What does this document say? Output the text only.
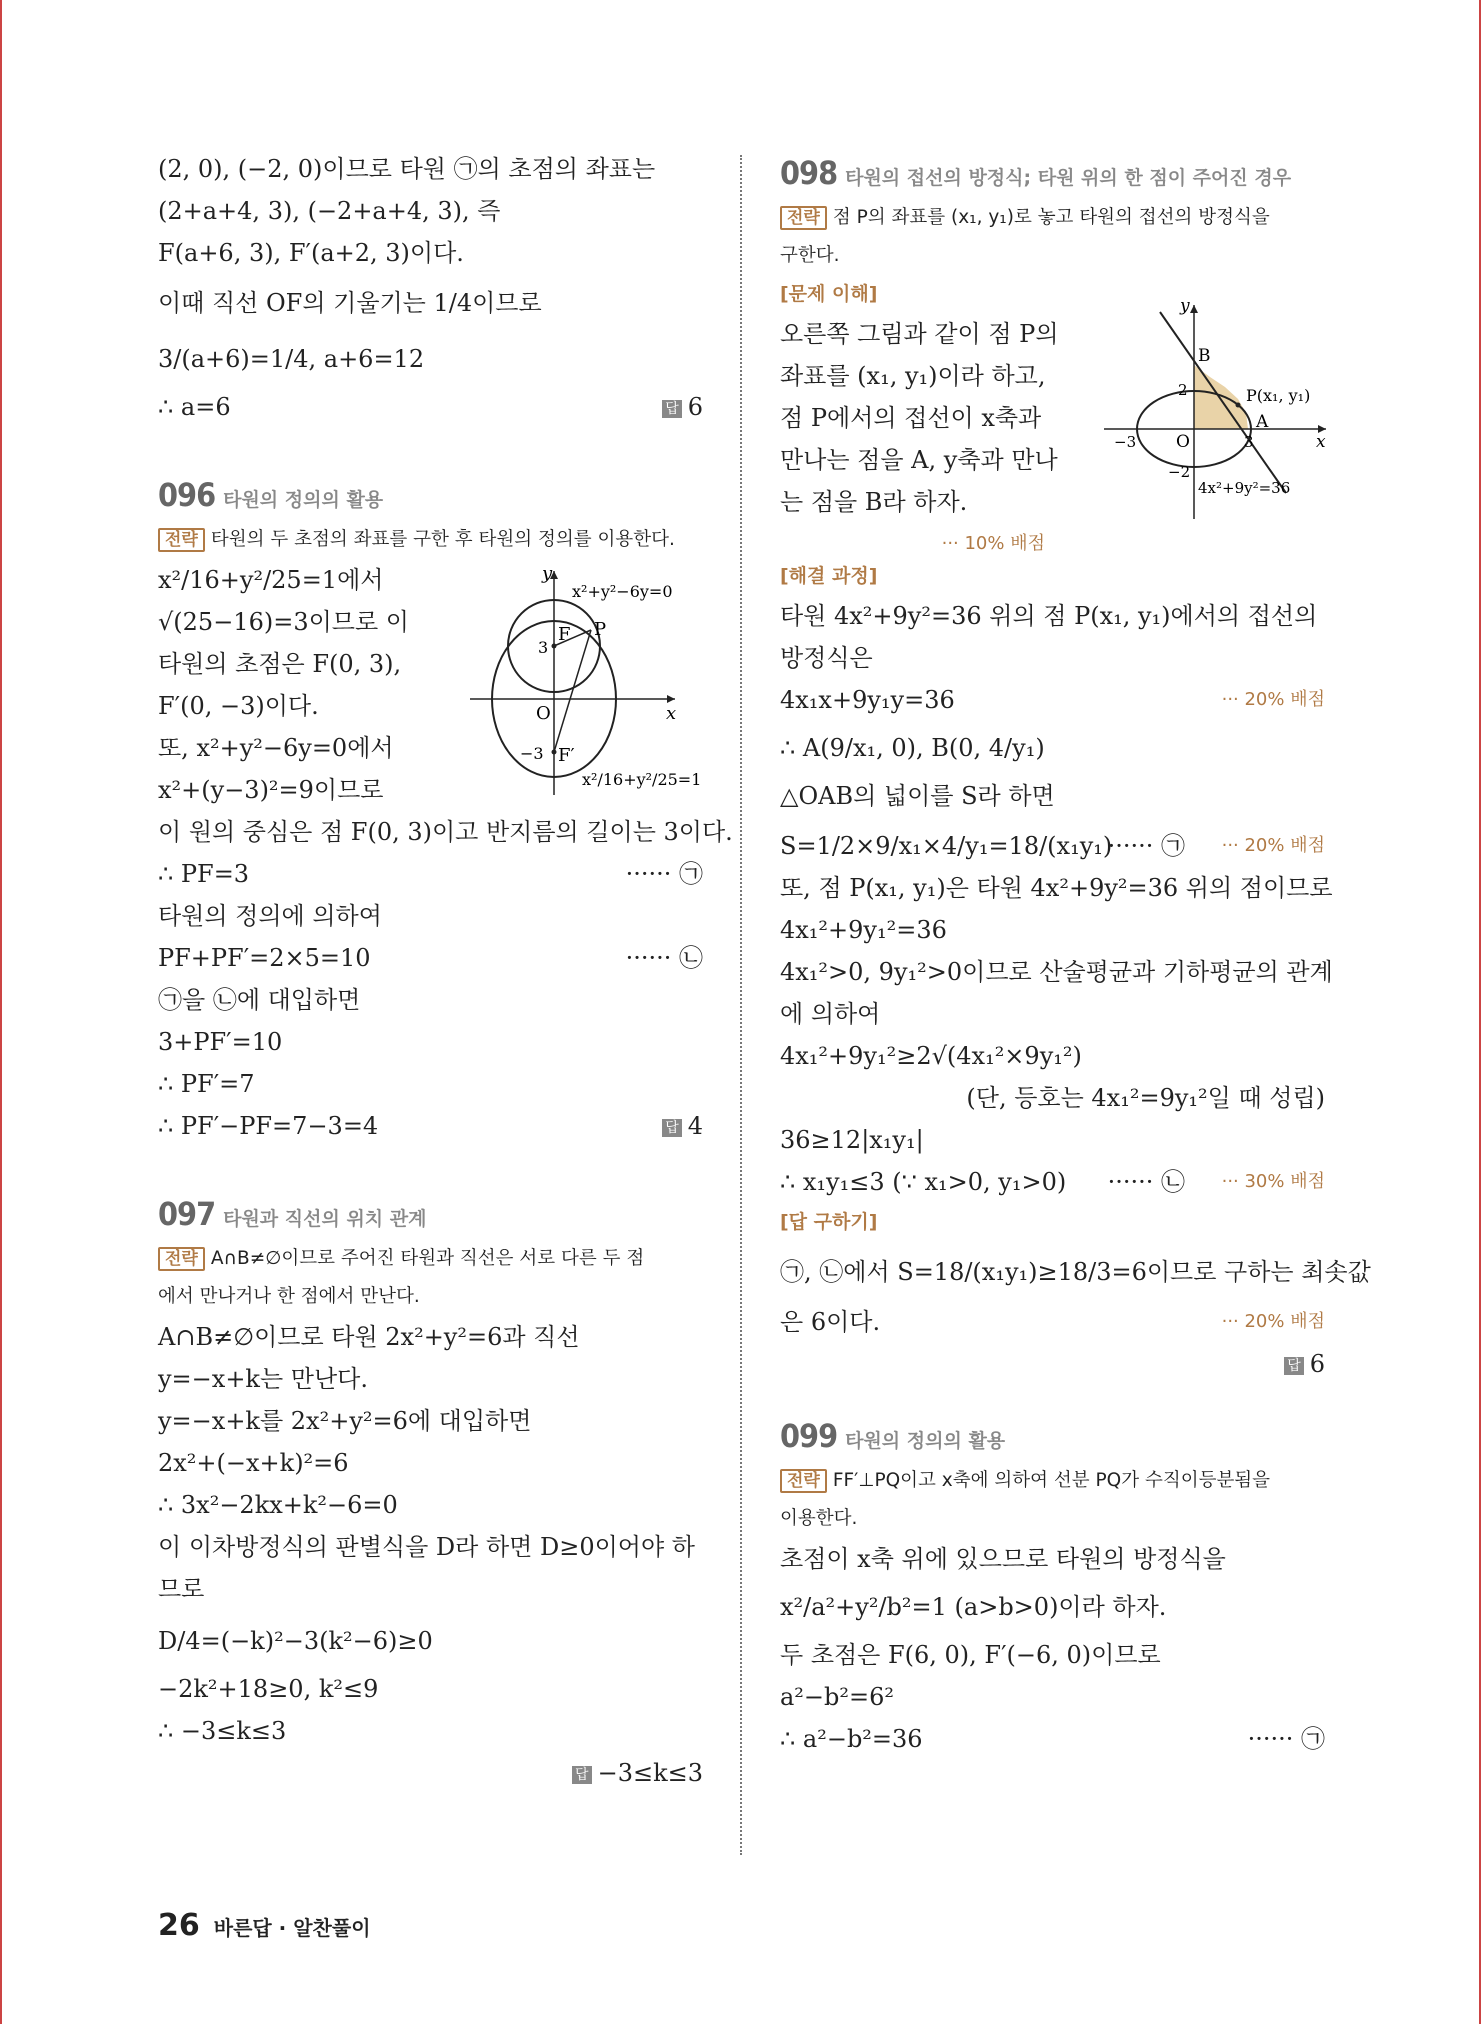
(2, 0), (−2, 0)이므로 타원 ㉠의 초점의 좌표는
(2+a+4, 3), (−2+a+4, 3), 즉
F(a+6, 3), F′(a+2, 3)이다.
이때 직선 OF의 기울기는 1/4이므로
3/(a+6)=1/4, a+6=12
∴ a=6	답 6
096 타원의 정의의 활용
전략 타원의 두 초점의 좌표를 구한 후 타원의 정의를 이용한다.
y
x
O
F P
3
−3 F′
x²+y²−6y=0
x²/16+y²/25=1
x²/16+y²/25=1에서
√(25−16)=3이므로 이
타원의 초점은 F(0, 3),
F′(0, −3)이다.
또, x²+y²−6y=0에서
x²+(y−3)²=9이므로
이 원의 중심은 점 F(0, 3)이고 반지름의 길이는 3이다.
∴ PF=3	······ ㉠
타원의 정의에 의하여
PF+PF′=2×5=10	······ ㉡
㉠을 ㉡에 대입하면
3+PF′=10
∴ PF′=7
∴ PF′−PF=7−3=4	답 4
097 타원과 직선의 위치 관계
전략 A∩B≠∅이므로 주어진 타원과 직선은 서로 다른 두 점
에서 만나거나 한 점에서 만난다.
A∩B≠∅이므로 타원 2x²+y²=6과 직선
y=−x+k는 만난다.
y=−x+k를 2x²+y²=6에 대입하면
2x²+(−x+k)²=6
∴ 3x²−2kx+k²−6=0
이 이차방정식의 판별식을 D라 하면 D≥0이어야 하
므로
D/4=(−k)²−3(k²−6)≥0
−2k²+18≥0, k²≤9
∴ −3≤k≤3
답 −3≤k≤3
098 타원의 접선의 방정식; 타원 위의 한 점이 주어진 경우
전략 점 P의 좌표를 (x₁, y₁)로 놓고 타원의 접선의 방정식을
구한다.
[문제 이해]
y
x
B
2	P(x₁, y₁)
A
−3 O	3
−2
4x²+9y²=36
오른쪽 그림과 같이 점 P의
좌표를 (x₁, y₁)이라 하고,
점 P에서의 접선이 x축과
만나는 점을 A, y축과 만나
는 점을 B라 하자.
··· 10% 배점
[해결 과정]
타원 4x²+9y²=36 위의 점 P(x₁, y₁)에서의 접선의
방정식은
4x₁x+9y₁y=36	··· 20% 배점
∴ A(9/x₁, 0), B(0, 4/y₁)
△OAB의 넓이를 S라 하면
S=1/2×9/x₁×4/y₁=18/(x₁y₁)
······ ㉠ ··· 20% 배점
또, 점 P(x₁, y₁)은 타원 4x²+9y²=36 위의 점이므로
4x₁²+9y₁²=36
4x₁²>0, 9y₁²>0이므로 산술평균과 기하평균의 관계
에 의하여
4x₁²+9y₁²≥2√(4x₁²×9y₁²)
(단, 등호는 4x₁²=9y₁²일 때 성립)
36≥12|x₁y₁|
∴ x₁y₁≤3 (∵ x₁>0, y₁>0) ······ ㉡ ··· 30% 배점
[답 구하기]
㉠, ㉡에서 S=18/(x₁y₁)≥18/3=6이므로 구하는 최솟값
은 6이다.	··· 20% 배점
답 6
099 타원의 정의의 활용
전략 FF′⊥PQ이고 x축에 의하여 선분 PQ가 수직이등분됨을
이용한다.
초점이 x축 위에 있으므로 타원의 방정식을
x²/a²+y²/b²=1 (a>b>0)이라 하자.
두 초점은 F(6, 0), F′(−6, 0)이므로
a²−b²=6²
∴ a²−b²=36	······ ㉠
26 바른답 · 알찬풀이
